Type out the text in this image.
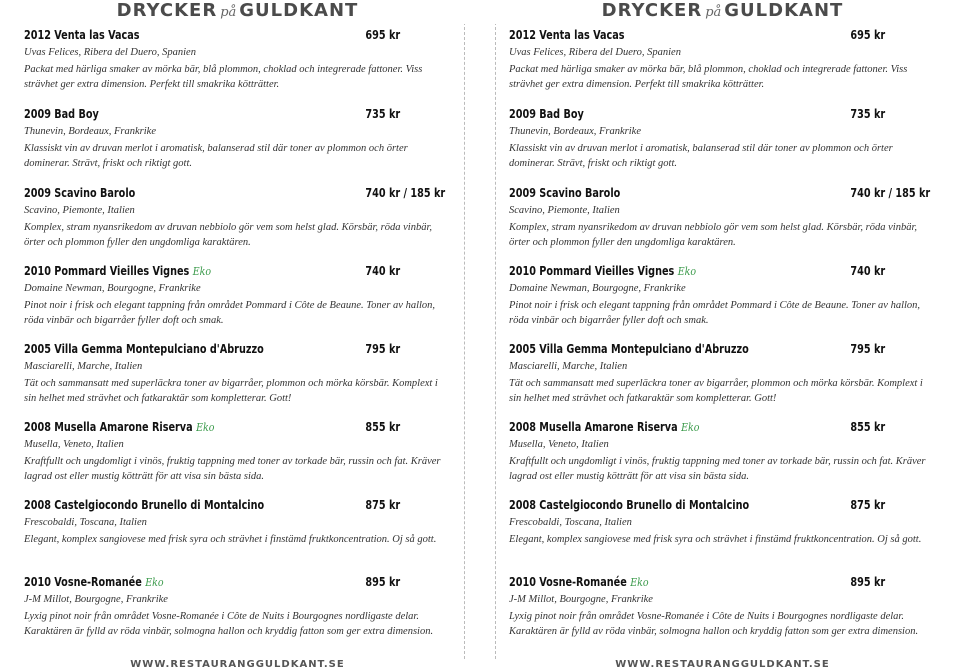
DRYCKER på GULDKANT
2012 Venta las Vacas	695 kr
Uvas Felices, Ribera del Duero, Spanien
Packat med härliga smaker av mörka bär, blå plommon, choklad och integrerade fattoner. Viss strävhet ger extra dimension. Perfekt till smakrika kötträtter.
2009 Bad Boy	735 kr
Thunevin, Bordeaux, Frankrike
Klassiskt vin av druvan merlot i aromatisk, balanserad stil där toner av plommon och örter dominerar. Strävt, friskt och riktigt gott.
2009 Scavino Barolo	740 kr / 185 kr
Scavino, Piemonte, Italien
Komplex, stram nyansrikedom av druvan nebbiolo gör vem som helst glad. Körsbär, röda vinbär, örter och plommon fyller den ungdomliga karaktären.
2010 Pommard Vieilles Vignes Eko	740 kr
Domaine Newman, Bourgogne, Frankrike
Pinot noir i frisk och elegant tappning från området Pommard i Côte de Beaune. Toner av hallon, röda vinbär och bigarråer fyller doft och smak.
2005 Villa Gemma Montepulciano d'Abruzzo	795 kr
Masciarelli, Marche, Italien
Tät och sammansatt med superläckra toner av bigarråer, plommon och mörka körsbär. Komplext i sin helhet med strävhet och fatkaraktär som kompletterar. Gott!
2008 Musella Amarone Riserva Eko	855 kr
Musella, Veneto, Italien
Kraftfullt och ungdomligt i vinös, fruktig tappning med toner av torkade bär, russin och fat. Kräver lagrad ost eller mustig kötträtt för att visa sin bästa sida.
2008 Castelgiocondo Brunello di Montalcino	875 kr
Frescobaldi, Toscana, Italien
Elegant, komplex sangiovese med frisk syra och strävhet i finstämd fruktkoncentration. Oj så gott.
2010 Vosne-Romanée Eko	895 kr
J-M Millot, Bourgogne, Frankrike
Lyxig pinot noir från området Vosne-Romanée i Côte de Nuits i Bourgognes nordligaste delar. Karaktären är fylld av röda vinbär, solmogna hallon och kryddig fatton som ger extra dimension.
WWW.RESTAURANGGULDKANT.SE
DRYCKER på GULDKANT
2012 Venta las Vacas	695 kr
Uvas Felices, Ribera del Duero, Spanien
Packat med härliga smaker av mörka bär, blå plommon, choklad och integrerade fattoner. Viss strävhet ger extra dimension. Perfekt till smakrika kötträtter.
2009 Bad Boy	735 kr
Thunevin, Bordeaux, Frankrike
Klassiskt vin av druvan merlot i aromatisk, balanserad stil där toner av plommon och örter dominerar. Strävt, friskt och riktigt gott.
2009 Scavino Barolo	740 kr / 185 kr
Scavino, Piemonte, Italien
Komplex, stram nyansrikedom av druvan nebbiolo gör vem som helst glad. Körsbär, röda vinbär, örter och plommon fyller den ungdomliga karaktären.
2010 Pommard Vieilles Vignes Eko	740 kr
Domaine Newman, Bourgogne, Frankrike
Pinot noir i frisk och elegant tappning från området Pommard i Côte de Beaune. Toner av hallon, röda vinbär och bigarråer fyller doft och smak.
2005 Villa Gemma Montepulciano d'Abruzzo	795 kr
Masciarelli, Marche, Italien
Tät och sammansatt med superläckra toner av bigarråer, plommon och mörka körsbär. Komplext i sin helhet med strävhet och fatkaraktär som kompletterar. Gott!
2008 Musella Amarone Riserva Eko	855 kr
Musella, Veneto, Italien
Kraftfullt och ungdomligt i vinös, fruktig tappning med toner av torkade bär, russin och fat. Kräver lagrad ost eller mustig kötträtt för att visa sin bästa sida.
2008 Castelgiocondo Brunello di Montalcino	875 kr
Frescobaldi, Toscana, Italien
Elegant, komplex sangiovese med frisk syra och strävhet i finstämd fruktkoncentration. Oj så gott.
2010 Vosne-Romanée Eko	895 kr
J-M Millot, Bourgogne, Frankrike
Lyxig pinot noir från området Vosne-Romanée i Côte de Nuits i Bourgognes nordligaste delar. Karaktären är fylld av röda vinbär, solmogna hallon och kryddig fatton som ger extra dimension.
WWW.RESTAURANGGULDKANT.SE
